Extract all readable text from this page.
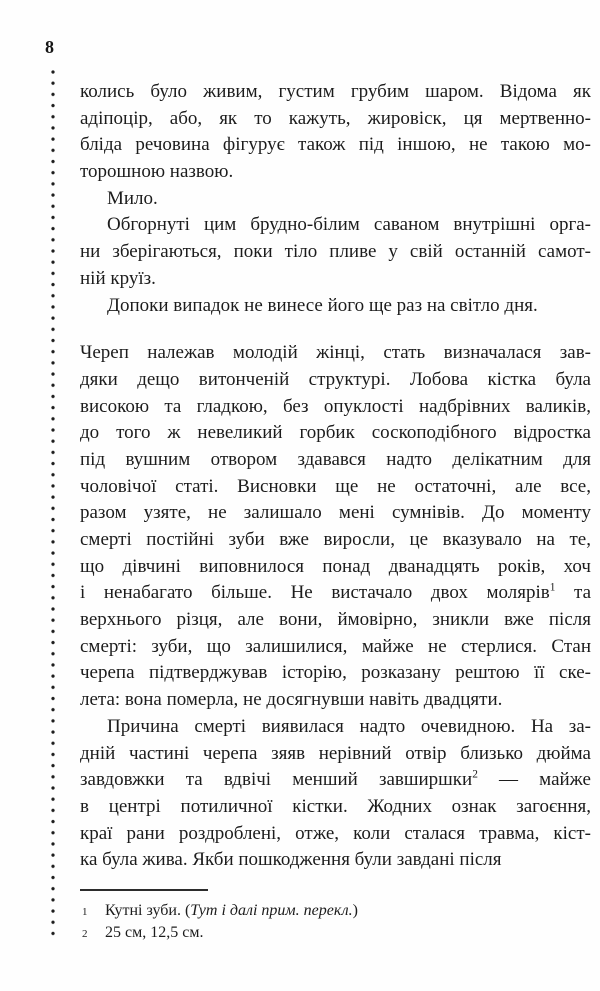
8
колись було живим, густим грубим шаром. Відома як
адіпоцір, або, як то кажуть, жировіск, ця мертвенно-
бліда речовина фігурує також під іншою, не такою мо-
торошною назвою.
Мило.
Обгорнуті цим брудно-білим саваном внутрішні орга-
ни зберігаються, поки тіло пливе у свій останній самот-
ній круїз.
Допоки випадок не винесе його ще раз на світло дня.
Череп належав молодій жінці, стать визначалася зав-
дяки дещо витонченій структурі. Лобова кістка була
високою та гладкою, без опуклості надбрівних валиків,
до того ж невеликий горбик соскоподібного відростка
під вушним отвором здавався надто делікатним для
чоловічої статі. Висновки ще не остаточні, але все,
разом узяте, не залишало мені сумнівів. До моменту
смерті постійні зуби вже виросли, це вказувало на те,
що дівчині виповнилося понад дванадцять років, хоч
і ненабагато більше. Не вистачало двох молярів$^1$ та
верхнього різця, але вони, ймовірно, зникли вже після
смерті: зуби, що залишилися, майже не стерлися. Стан
черепа підтверджував історію, розказану рештою її ске-
лета: вона померла, не досягнувши навіть двадцяти.
Причина смерті виявилася надто очевидною. На за-
дній частині черепа зяяв нерівний отвір близько дюйма
завдовжки та вдвічі менший завширшки$^2$ — майже
в центрі потиличної кістки. Жодних ознак загоєння,
краї рани роздроблені, отже, коли сталася травма, кіст-
ка була жива. Якби пошкодження були завдані після
1 Кутні зуби. (Тут і далі прим. перекл.)
2 25 см, 12,5 см.
